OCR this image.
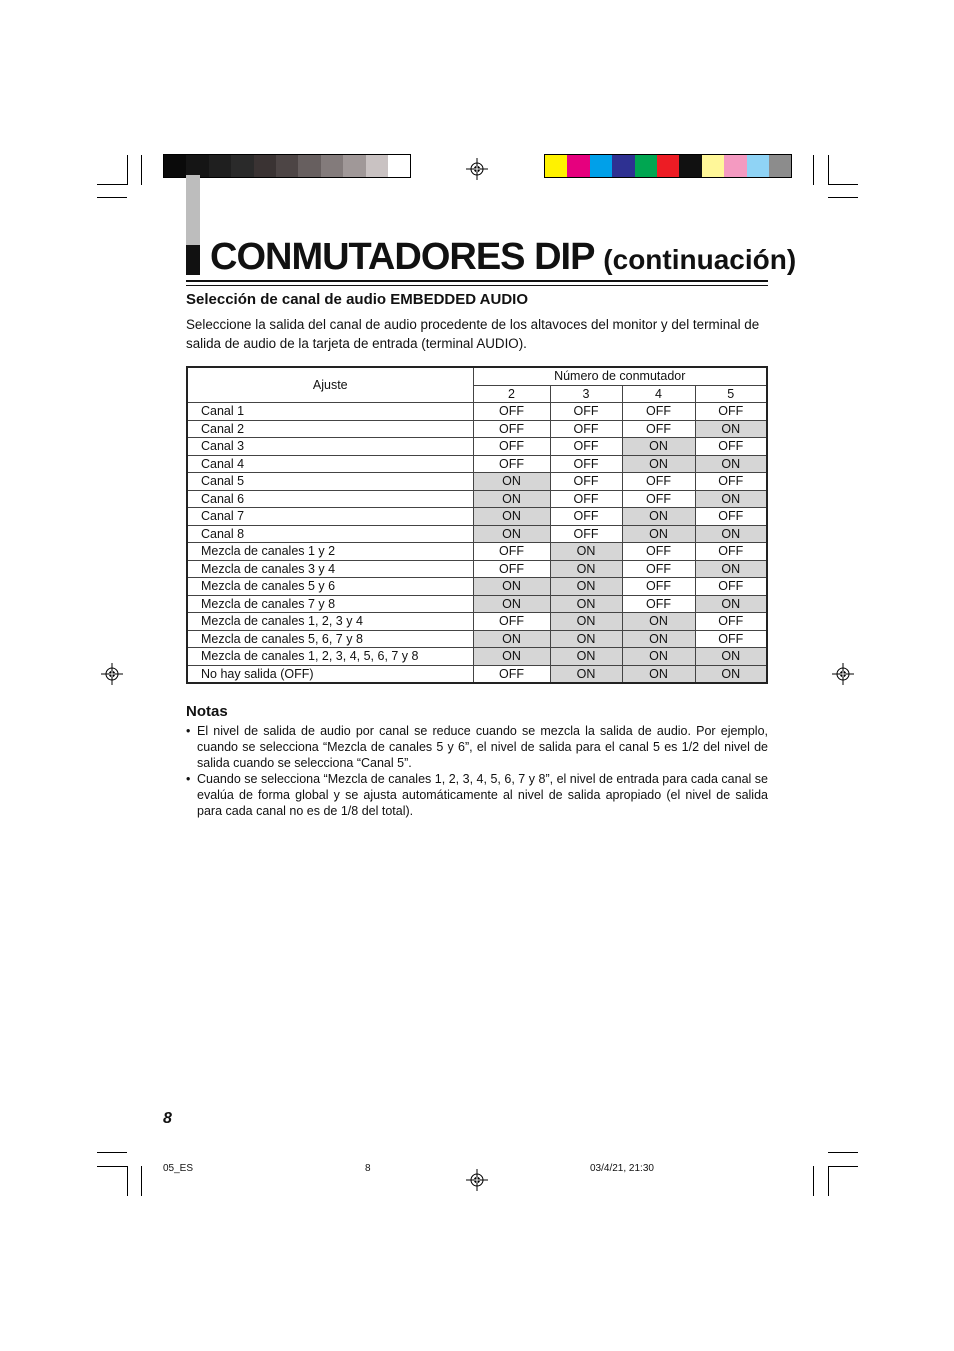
CONMUTADORES DIP (continuación)
Selección de canal de audio EMBEDDED AUDIO
Seleccione la salida del canal de audio procedente de los altavoces del monitor y del terminal de salida de audio de la tarjeta de entrada (terminal AUDIO).
Ajuste	Número de conmutador			
	2	3	4	5
Canal 1	OFF	OFF	OFF	OFF
Canal 2	OFF	OFF	OFF	ON
Canal 3	OFF	OFF	ON	OFF
Canal 4	OFF	OFF	ON	ON
Canal 5	ON	OFF	OFF	OFF
Canal 6	ON	OFF	OFF	ON
Canal 7	ON	OFF	ON	OFF
Canal 8	ON	OFF	ON	ON
Mezcla de canales 1 y 2	OFF	ON	OFF	OFF
Mezcla de canales 3 y 4	OFF	ON	OFF	ON
Mezcla de canales 5 y 6	ON	ON	OFF	OFF
Mezcla de canales 7 y 8	ON	ON	OFF	ON
Mezcla de canales 1, 2, 3 y 4	OFF	ON	ON	OFF
Mezcla de canales 5, 6, 7 y 8	ON	ON	ON	OFF
Mezcla de canales 1, 2, 3, 4, 5, 6, 7 y 8	ON	ON	ON	ON
No hay salida (OFF)	OFF	ON	ON	ON
Notas
• El nivel de salida de audio por canal se reduce cuando se mezcla la salida de audio. Por ejemplo, cuando se selecciona “Mezcla de canales 5 y 6”, el nivel de salida para el canal 5 es 1/2 del nivel de salida cuando se selecciona “Canal 5”.
• Cuando se selecciona “Mezcla de canales 1, 2, 3, 4, 5, 6, 7 y 8”, el nivel de entrada para cada canal se evalúa de forma global y se ajusta automáticamente al nivel de salida apropiado (el nivel de salida para cada canal no es de 1/8 del total).
8
05_ES	8	03/4/21, 21:30
